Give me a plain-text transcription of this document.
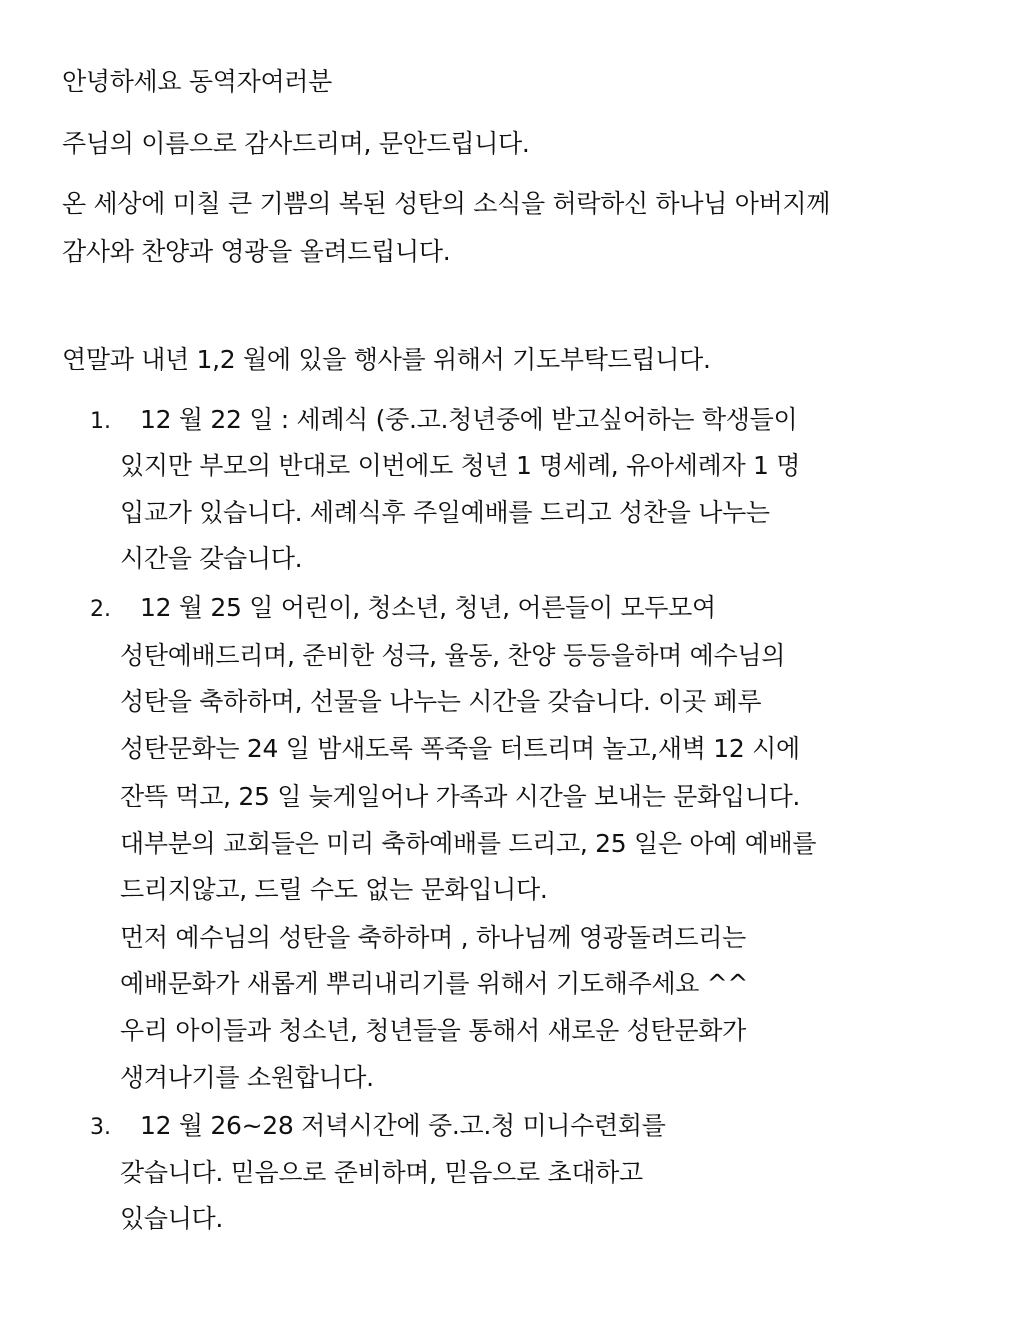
안녕하세요 동역자여러분
주님의 이름으로 감사드리며, 문안드립니다.
온 세상에 미칠 큰 기쁨의 복된 성탄의 소식을 허락하신 하나님 아버지께
감사와 찬양과 영광을 올려드립니다.
연말과 내년 1,2 월에 있을 행사를 위해서 기도부탁드립니다.
1. 12 월 22 일 : 세례식 (중.고.청년중에 받고싶어하는 학생들이
있지만 부모의 반대로 이번에도 청년 1 명세례, 유아세례자 1 명
입교가 있습니다. 세례식후 주일예배를 드리고 성찬을 나누는
시간을 갖습니다.
2. 12 월 25 일 어린이, 청소년, 청년, 어른들이 모두모여
성탄예배드리며, 준비한 성극, 율동, 찬양 등등을하며 예수님의
성탄을 축하하며, 선물을 나누는 시간을 갖습니다. 이곳 페루
성탄문화는 24 일 밤새도록 폭죽을 터트리며 놀고,새벽 12 시에
잔뜩 먹고, 25 일 늦게일어나 가족과 시간을 보내는 문화입니다.
대부분의 교회들은 미리 축하예배를 드리고, 25 일은 아예 예배를
드리지않고, 드릴 수도 없는 문화입니다.
먼저 예수님의 성탄을 축하하며 , 하나님께 영광돌려드리는
예배문화가 새롭게 뿌리내리기를 위해서 기도해주세요 ^^
우리 아이들과 청소년, 청년들을 통해서 새로운 성탄문화가
생겨나기를 소원합니다.
3. 12 월 26~28 저녁시간에 중.고.청 미니수련회를
갖습니다. 믿음으로 준비하며, 믿음으로 초대하고
있습니다.
